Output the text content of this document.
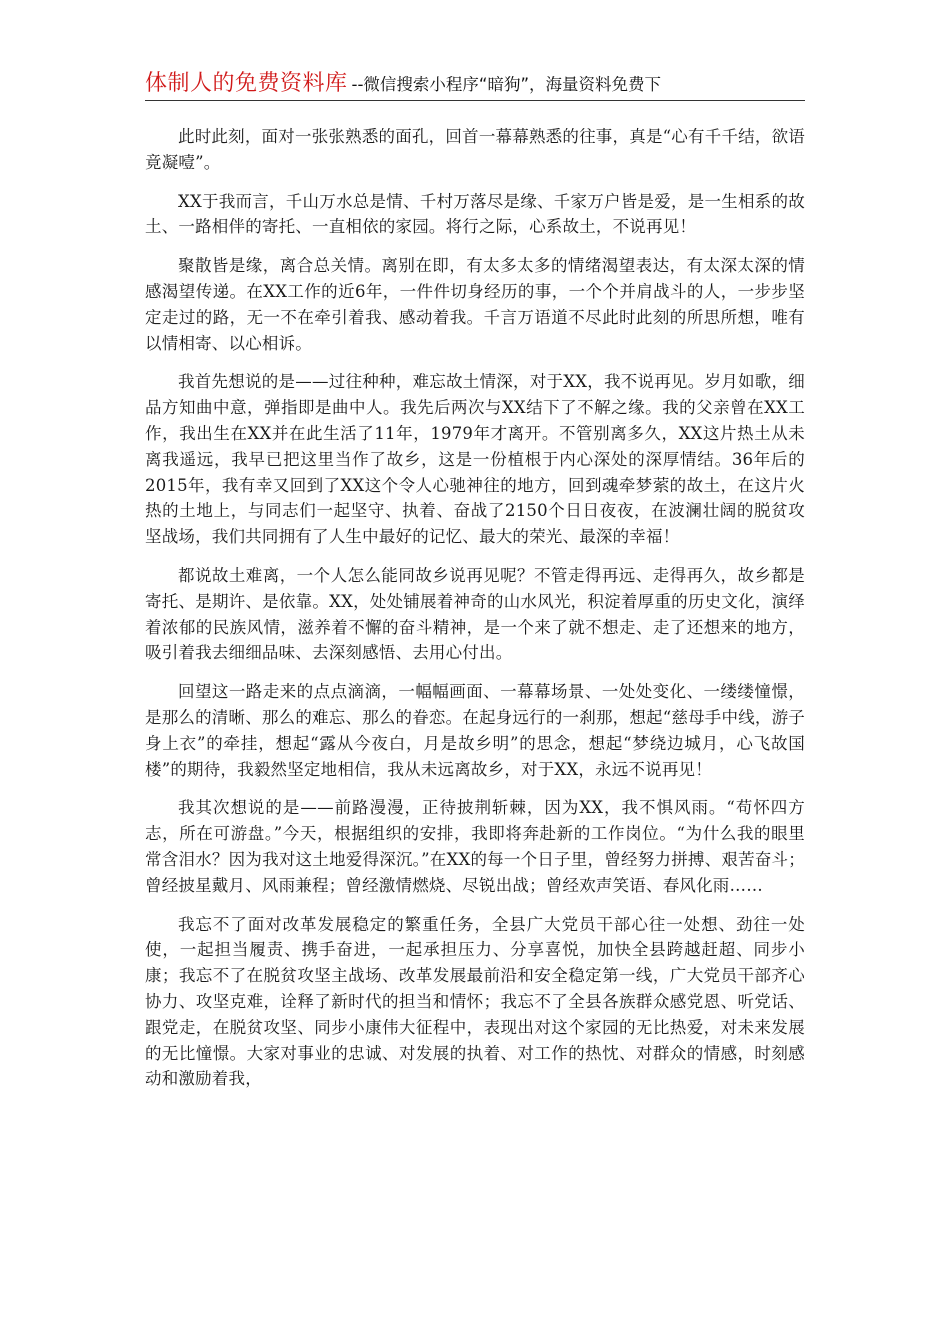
体制人的免费资料库 --微信搜索小程序“暗狗”，海量资料免费下

此时此刻，面对一张张熟悉的面孔，回首一幕幕熟悉的往事，真是“心有千千结，欲语竟凝噎”。

XX于我而言，千山万水总是情、千村万落尽是缘、千家万户皆是爱，是一生相系的故土、一路相伴的寄托、一直相依的家园。将行之际，心系故土，不说再见！

聚散皆是缘，离合总关情。离别在即，有太多太多的情绪渴望表达，有太深太深的情感渴望传递。在XX工作的近6年，一件件切身经历的事，一个个并肩战斗的人，一步步坚定走过的路，无一不在牵引着我、感动着我。千言万语道不尽此时此刻的所思所想，唯有以情相寄、以心相诉。

我首先想说的是——过往种种，难忘故土情深，对于XX，我不说再见。岁月如歌，细品方知曲中意，弹指即是曲中人。我先后两次与XX结下了不解之缘。我的父亲曾在XX工作，我出生在XX并在此生活了11年，1979年才离开。不管别离多久，XX这片热土从未离我遥远，我早已把这里当作了故乡，这是一份植根于内心深处的深厚情结。36年后的2015年，我有幸又回到了XX这个令人心驰神往的地方，回到魂牵梦萦的故土，在这片火热的土地上，与同志们一起坚守、执着、奋战了2150个日日夜夜，在波澜壮阔的脱贫攻坚战场，我们共同拥有了人生中最好的记忆、最大的荣光、最深的幸福！

都说故土难离，一个人怎么能同故乡说再见呢？不管走得再远、走得再久，故乡都是寄托、是期许、是依靠。XX，处处铺展着神奇的山水风光，积淀着厚重的历史文化，演绎着浓郁的民族风情，滋养着不懈的奋斗精神，是一个来了就不想走、走了还想来的地方，吸引着我去细细品味、去深刻感悟、去用心付出。

回望这一路走来的点点滴滴，一幅幅画面、一幕幕场景、一处处变化、一缕缕憧憬，是那么的清晰、那么的难忘、那么的眷恋。在起身远行的一刹那，想起“慈母手中线，游子身上衣”的牵挂，想起“露从今夜白，月是故乡明”的思念，想起“梦绕边城月，心飞故国楼”的期待，我毅然坚定地相信，我从未远离故乡，对于XX，永远不说再见！

我其次想说的是——前路漫漫，正待披荆斩棘，因为XX，我不惧风雨。“苟怀四方志，所在可游盘。”今天，根据组织的安排，我即将奔赴新的工作岗位。“为什么我的眼里常含泪水？因为我对这土地爱得深沉。”在XX的每一个日子里，曾经努力拼搏、艰苦奋斗；曾经披星戴月、风雨兼程；曾经激情燃烧、尽锐出战；曾经欢声笑语、春风化雨……

我忘不了面对改革发展稳定的繁重任务，全县广大党员干部心往一处想、劲往一处使，一起担当履责、携手奋进，一起承担压力、分享喜悦，加快全县跨越赶超、同步小康；我忘不了在脱贫攻坚主战场、改革发展最前沿和安全稳定第一线，广大党员干部齐心协力、攻坚克难，诠释了新时代的担当和情怀；我忘不了全县各族群众感党恩、听党话、跟党走，在脱贫攻坚、同步小康伟大征程中，表现出对这个家园的无比热爱，对未来发展的无比憧憬。大家对事业的忠诚、对发展的执着、对工作的热忱、对群众的情感，时刻感动和激励着我，
